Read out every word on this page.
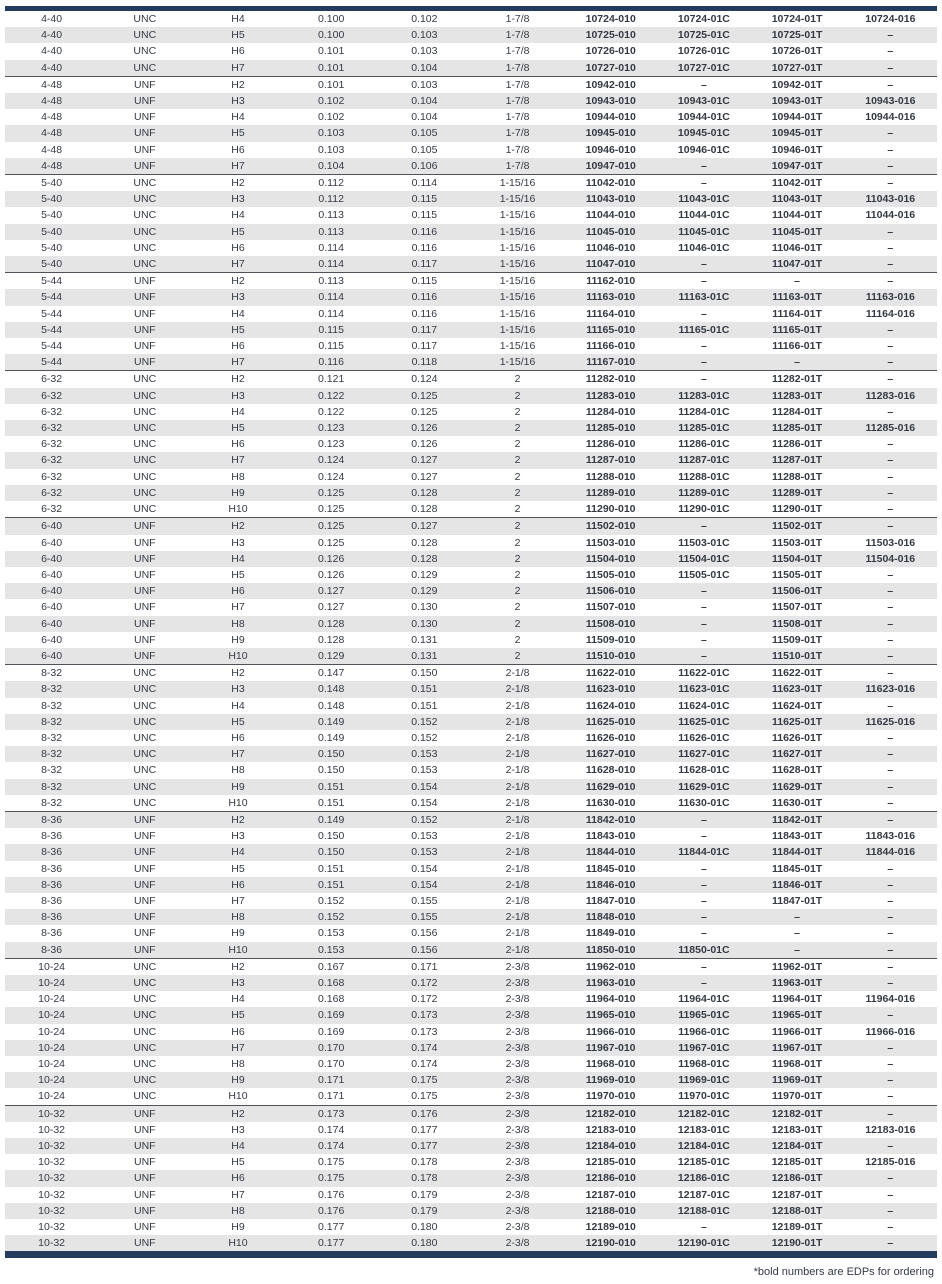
4-40	UNC	H4	0.100	0.102	1-7/8	10724-010	10724-01C	10724-01T	10724-016
4-40	UNC	H5	0.100	0.103	1-7/8	10725-010	10725-01C	10725-01T	–
4-40	UNC	H6	0.101	0.103	1-7/8	10726-010	10726-01C	10726-01T	–
4-40	UNC	H7	0.101	0.104	1-7/8	10727-010	10727-01C	10727-01T	–
4-48	UNF	H2	0.101	0.103	1-7/8	10942-010	–	10942-01T	–
4-48	UNF	H3	0.102	0.104	1-7/8	10943-010	10943-01C	10943-01T	10943-016
4-48	UNF	H4	0.102	0.104	1-7/8	10944-010	10944-01C	10944-01T	10944-016
4-48	UNF	H5	0.103	0.105	1-7/8	10945-010	10945-01C	10945-01T	–
4-48	UNF	H6	0.103	0.105	1-7/8	10946-010	10946-01C	10946-01T	–
4-48	UNF	H7	0.104	0.106	1-7/8	10947-010	–	10947-01T	–
5-40	UNC	H2	0.112	0.114	1-15/16	11042-010	–	11042-01T	–
5-40	UNC	H3	0.112	0.115	1-15/16	11043-010	11043-01C	11043-01T	11043-016
5-40	UNC	H4	0.113	0.115	1-15/16	11044-010	11044-01C	11044-01T	11044-016
5-40	UNC	H5	0.113	0.116	1-15/16	11045-010	11045-01C	11045-01T	–
5-40	UNC	H6	0.114	0.116	1-15/16	11046-010	11046-01C	11046-01T	–
5-40	UNC	H7	0.114	0.117	1-15/16	11047-010	–	11047-01T	–
5-44	UNF	H2	0.113	0.115	1-15/16	11162-010	–	–	–
5-44	UNF	H3	0.114	0.116	1-15/16	11163-010	11163-01C	11163-01T	11163-016
5-44	UNF	H4	0.114	0.116	1-15/16	11164-010	–	11164-01T	11164-016
5-44	UNF	H5	0.115	0.117	1-15/16	11165-010	11165-01C	11165-01T	–
5-44	UNF	H6	0.115	0.117	1-15/16	11166-010	–	11166-01T	–
5-44	UNF	H7	0.116	0.118	1-15/16	11167-010	–	–	–
6-32	UNC	H2	0.121	0.124	2	11282-010	–	11282-01T	–
6-32	UNC	H3	0.122	0.125	2	11283-010	11283-01C	11283-01T	11283-016
6-32	UNC	H4	0.122	0.125	2	11284-010	11284-01C	11284-01T	–
6-32	UNC	H5	0.123	0.126	2	11285-010	11285-01C	11285-01T	11285-016
6-32	UNC	H6	0.123	0.126	2	11286-010	11286-01C	11286-01T	–
6-32	UNC	H7	0.124	0.127	2	11287-010	11287-01C	11287-01T	–
6-32	UNC	H8	0.124	0.127	2	11288-010	11288-01C	11288-01T	–
6-32	UNC	H9	0.125	0.128	2	11289-010	11289-01C	11289-01T	–
6-32	UNC	H10	0.125	0.128	2	11290-010	11290-01C	11290-01T	–
6-40	UNF	H2	0.125	0.127	2	11502-010	–	11502-01T	–
6-40	UNF	H3	0.125	0.128	2	11503-010	11503-01C	11503-01T	11503-016
6-40	UNF	H4	0.126	0.128	2	11504-010	11504-01C	11504-01T	11504-016
6-40	UNF	H5	0.126	0.129	2	11505-010	11505-01C	11505-01T	–
6-40	UNF	H6	0.127	0.129	2	11506-010	–	11506-01T	–
6-40	UNF	H7	0.127	0.130	2	11507-010	–	11507-01T	–
6-40	UNF	H8	0.128	0.130	2	11508-010	–	11508-01T	–
6-40	UNF	H9	0.128	0.131	2	11509-010	–	11509-01T	–
6-40	UNF	H10	0.129	0.131	2	11510-010	–	11510-01T	–
8-32	UNC	H2	0.147	0.150	2-1/8	11622-010	11622-01C	11622-01T	–
8-32	UNC	H3	0.148	0.151	2-1/8	11623-010	11623-01C	11623-01T	11623-016
8-32	UNC	H4	0.148	0.151	2-1/8	11624-010	11624-01C	11624-01T	–
8-32	UNC	H5	0.149	0.152	2-1/8	11625-010	11625-01C	11625-01T	11625-016
8-32	UNC	H6	0.149	0.152	2-1/8	11626-010	11626-01C	11626-01T	–
8-32	UNC	H7	0.150	0.153	2-1/8	11627-010	11627-01C	11627-01T	–
8-32	UNC	H8	0.150	0.153	2-1/8	11628-010	11628-01C	11628-01T	–
8-32	UNC	H9	0.151	0.154	2-1/8	11629-010	11629-01C	11629-01T	–
8-32	UNC	H10	0.151	0.154	2-1/8	11630-010	11630-01C	11630-01T	–
8-36	UNF	H2	0.149	0.152	2-1/8	11842-010	–	11842-01T	–
8-36	UNF	H3	0.150	0.153	2-1/8	11843-010	–	11843-01T	11843-016
8-36	UNF	H4	0.150	0.153	2-1/8	11844-010	11844-01C	11844-01T	11844-016
8-36	UNF	H5	0.151	0.154	2-1/8	11845-010	–	11845-01T	–
8-36	UNF	H6	0.151	0.154	2-1/8	11846-010	–	11846-01T	–
8-36	UNF	H7	0.152	0.155	2-1/8	11847-010	–	11847-01T	–
8-36	UNF	H8	0.152	0.155	2-1/8	11848-010	–	–	–
8-36	UNF	H9	0.153	0.156	2-1/8	11849-010	–	–	–
8-36	UNF	H10	0.153	0.156	2-1/8	11850-010	11850-01C	–	–
10-24	UNC	H2	0.167	0.171	2-3/8	11962-010	–	11962-01T	–
10-24	UNC	H3	0.168	0.172	2-3/8	11963-010	–	11963-01T	–
10-24	UNC	H4	0.168	0.172	2-3/8	11964-010	11964-01C	11964-01T	11964-016
10-24	UNC	H5	0.169	0.173	2-3/8	11965-010	11965-01C	11965-01T	–
10-24	UNC	H6	0.169	0.173	2-3/8	11966-010	11966-01C	11966-01T	11966-016
10-24	UNC	H7	0.170	0.174	2-3/8	11967-010	11967-01C	11967-01T	–
10-24	UNC	H8	0.170	0.174	2-3/8	11968-010	11968-01C	11968-01T	–
10-24	UNC	H9	0.171	0.175	2-3/8	11969-010	11969-01C	11969-01T	–
10-24	UNC	H10	0.171	0.175	2-3/8	11970-010	11970-01C	11970-01T	–
10-32	UNF	H2	0.173	0.176	2-3/8	12182-010	12182-01C	12182-01T	–
10-32	UNF	H3	0.174	0.177	2-3/8	12183-010	12183-01C	12183-01T	12183-016
10-32	UNF	H4	0.174	0.177	2-3/8	12184-010	12184-01C	12184-01T	–
10-32	UNF	H5	0.175	0.178	2-3/8	12185-010	12185-01C	12185-01T	12185-016
10-32	UNF	H6	0.175	0.178	2-3/8	12186-010	12186-01C	12186-01T	–
10-32	UNF	H7	0.176	0.179	2-3/8	12187-010	12187-01C	12187-01T	–
10-32	UNF	H8	0.176	0.179	2-3/8	12188-010	12188-01C	12188-01T	–
10-32	UNF	H9	0.177	0.180	2-3/8	12189-010	–	12189-01T	–
10-32	UNF	H10	0.177	0.180	2-3/8	12190-010	12190-01C	12190-01T	–
*bold numbers are EDPs for ordering
